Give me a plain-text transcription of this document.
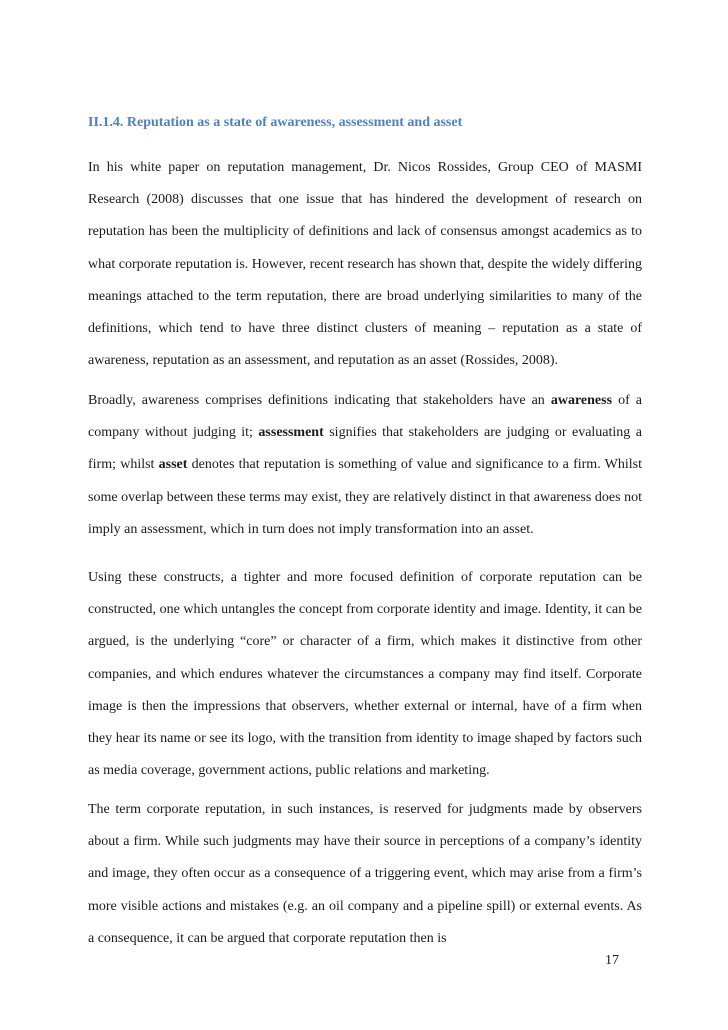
II.1.4. Reputation as a state of awareness, assessment and asset

In his white paper on reputation management, Dr. Nicos Rossides, Group CEO of MASMI Research (2008) discusses that one issue that has hindered the development of research on reputation has been the multiplicity of definitions and lack of consensus amongst academics as to what corporate reputation is. However, recent research has shown that, despite the widely differing meanings attached to the term reputation, there are broad underlying similarities to many of the definitions, which tend to have three distinct clusters of meaning – reputation as a state of awareness, reputation as an assessment, and reputation as an asset (Rossides, 2008).

Broadly, awareness comprises definitions indicating that stakeholders have an awareness of a company without judging it; assessment signifies that stakeholders are judging or evaluating a firm; whilst asset denotes that reputation is something of value and significance to a firm. Whilst some overlap between these terms may exist, they are relatively distinct in that awareness does not imply an assessment, which in turn does not imply transformation into an asset.

Using these constructs, a tighter and more focused definition of corporate reputation can be constructed, one which untangles the concept from corporate identity and image. Identity, it can be argued, is the underlying “core” or character of a firm, which makes it distinctive from other companies, and which endures whatever the circumstances a company may find itself. Corporate image is then the impressions that observers, whether external or internal, have of a firm when they hear its name or see its logo, with the transition from identity to image shaped by factors such as media coverage, government actions, public relations and marketing.

The term corporate reputation, in such instances, is reserved for judgments made by observers about a firm. While such judgments may have their source in perceptions of a company’s identity and image, they often occur as a consequence of a triggering event, which may arise from a firm’s more visible actions and mistakes (e.g. an oil company and a pipeline spill) or external events. As a consequence, it can be argued that corporate reputation then is

17
